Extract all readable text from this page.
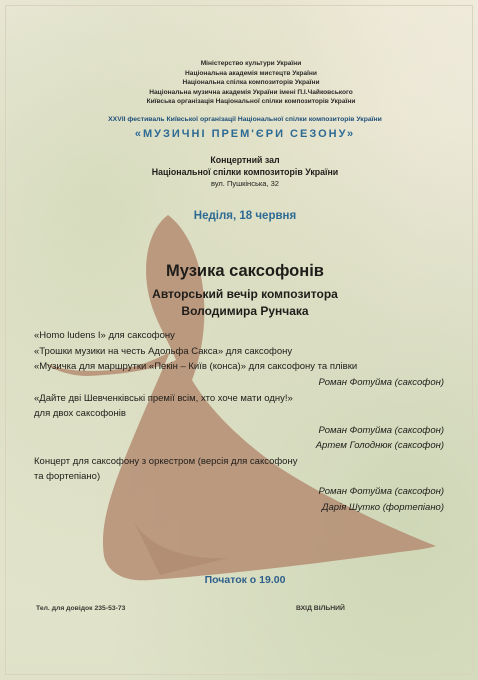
Міністерство культури України
Національна академія мистецтв України
Національна спілка композиторів України
Національна музична академія України імені П.І.Чайковського
Київська організація Національної спілки композиторів України
XXVII фестиваль Київської організації Національної спілки композиторів України
«МУЗИЧНІ ПРЕМ'ЄРИ СЕЗОНУ»
Концертний зал
Національної спілки композиторів України
вул. Пушкінська, 32
Неділя, 18 червня
Музика саксофонів
Авторський вечір композитора
Володимира Рунчака
«Homo ludens I» для саксофону
«Трошки музики на честь Адольфа Сакса» для саксофону
«Музичка для маршрутки «Пекін – Київ (конса)» для саксофону та плівки
Роман Фотуйма (саксофон)
«Дайте дві Шевченківські премії всім, хто хоче мати одну!»
для двох саксофонів
Роман Фотуйма (саксофон)
Артем Голоднюк (саксофон)
Концерт для саксофону з оркестром (версія для саксофону
та фортепіано)
Роман Фотуйма (саксофон)
Дарія Шутко (фортепіано)
Початок о 19.00
Тел. для довідок 235-53-73	ВХІД ВІЛЬНИЙ
